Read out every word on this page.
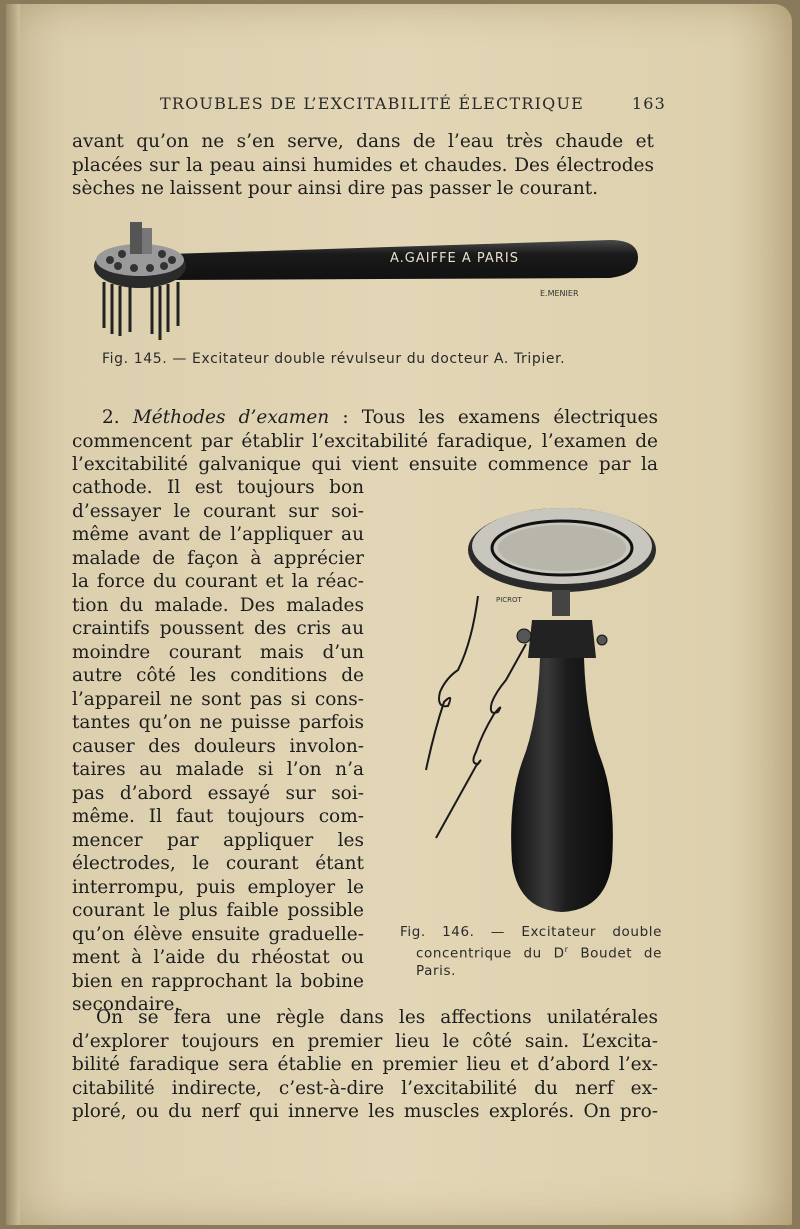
TROUBLES DE L’EXCITABILITÉ ÉLECTRIQUE	163
avant qu’on ne s’en serve, dans de l’eau très chaude et
placées sur la peau ainsi humides et chaudes. Des électrodes
sèches ne laissent pour ainsi dire pas passer le courant.
A.GAIFFE A PARIS
E.MENIER
Fig. 145. — Excitateur double révulseur du docteur A. Tripier.
2. Méthodes d’examen : Tous les examens électriques
commencent par établir l’excitabilité faradique, l’examen de
l’excitabilité galvanique qui vient ensuite commence par la
cathode. Il est toujours bon
d’essayer le courant sur soi-
même avant de l’appliquer au
malade de façon à apprécier
la force du courant et la réac-
tion du malade. Des malades
craintifs poussent des cris au
moindre courant mais d’un
autre côté les conditions de
l’appareil ne sont pas si cons-
tantes qu’on ne puisse parfois
causer des douleurs involon-
taires au malade si l’on n’a
pas d’abord essayé sur soi-
même. Il faut toujours com-
mencer par appliquer les
électrodes, le courant étant
interrompu, puis employer le
courant le plus faible possible
qu’on élève ensuite graduelle-
ment à l’aide du rhéostat ou
bien en rapprochant la bobine
secondaire.
PICROT
Fig. 146. — Excitateur double
concentrique du $D^r$ Boudet de
Paris.
On se fera une règle dans les affections unilatérales
d’explorer toujours en premier lieu le côté sain. L’excita-
bilité faradique sera établie en premier lieu et d’abord l’ex-
citabilité indirecte, c’est-à-dire l’excitabilité du nerf ex-
ploré, ou du nerf qui innerve les muscles explorés. On pro-
